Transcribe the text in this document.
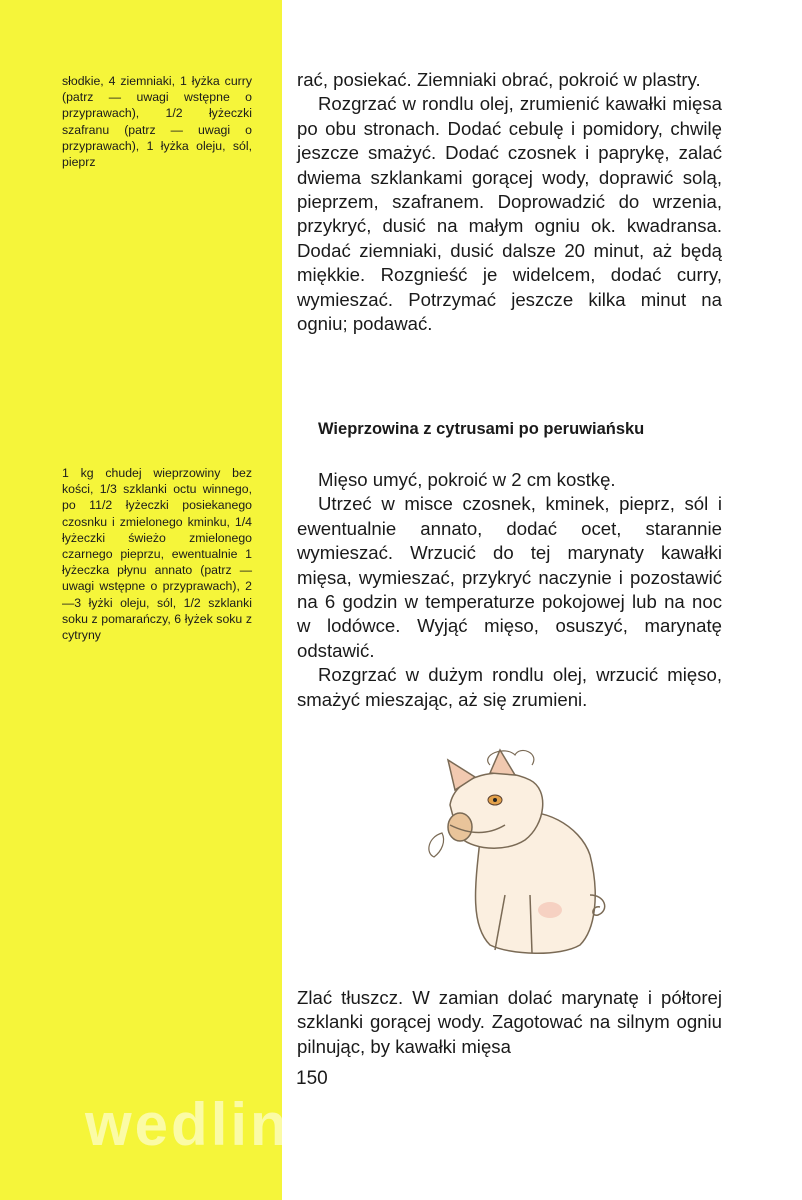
słodkie, 4 ziemniaki, 1 łyżka curry (patrz — uwagi wstępne o przyprawach), 1/2 łyżeczki szafranu (patrz — uwagi o przyprawach), 1 łyżka oleju, sól, pieprz
1 kg chudej wieprzowiny bez kości, 1/3 szklanki octu winnego, po 11/2 łyżeczki posiekanego czosnku i zmielonego kminku, 1/4 łyżeczki świeżo zmielonego czarnego pieprzu, ewentualnie 1 łyżeczka płynu annato (patrz — uwagi wstępne o przyprawach), 2—3 łyżki oleju, sól, 1/2 szklanki soku z pomarańczy, 6 łyżek soku z cytryny

rać, posiekać. Ziemniaki obrać, pokroić w plastry.

Rozgrzać w rondlu olej, zrumienić kawałki mięsa po obu stronach. Dodać cebulę i pomidory, chwilę jeszcze smażyć. Dodać czosnek i paprykę, zalać dwiema szklankami gorącej wody, doprawić solą, pieprzem, szafranem. Doprowadzić do wrzenia, przykryć, dusić na małym ogniu ok. kwadransa. Dodać ziemniaki, dusić dalsze 20 minut, aż będą miękkie. Rozgnieść je widelcem, dodać curry, wymieszać. Potrzymać jeszcze kilka minut na ogniu; podawać.

Wieprzowina z cytrusami po peruwiańsku

Mięso umyć, pokroić w 2 cm kostkę.

Utrzeć w misce czosnek, kminek, pieprz, sól i ewentualnie annato, dodać ocet, starannie wymieszać. Wrzucić do tej marynaty kawałki mięsa, wymieszać, przykryć naczynie i pozostawić na 6 godzin w temperaturze pokojowej lub na noc w lodówce. Wyjąć mięso, osuszyć, marynatę odstawić.

Rozgrzać w dużym rondlu olej, wrzucić mięso, smażyć mieszając, aż się zrumieni.

Zlać tłuszcz. W zamian dolać marynatę i półtorej szklanki gorącej wody. Zagotować na silnym ogniu pilnując, by kawałki mięsa

150
wedlinydomowe.pl
